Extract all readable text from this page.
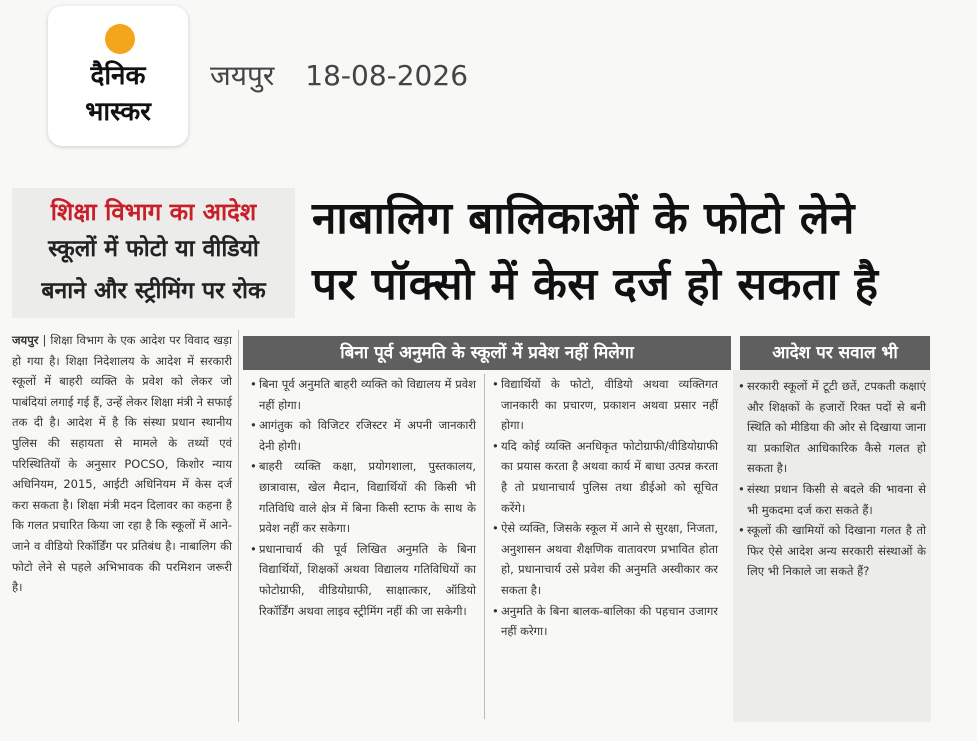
दैनिक
भास्कर
जयपुर 18-08-2026
शिक्षा विभाग का आदेश
स्कूलों में फोटो या वीडियो
बनाने और स्ट्रीमिंग पर रोक
नाबालिग बालिकाओं के फोटो लेने
पर पॉक्सो में केस दर्ज हो सकता है

जयपुर | शिक्षा विभाग के एक आदेश पर विवाद खड़ा हो गया है। शिक्षा निदेशालय के आदेश में सरकारी स्कूलों में बाहरी व्यक्ति के प्रवेश को लेकर जो पाबंदियां लगाई गई हैं, उन्हें लेकर शिक्षा मंत्री ने सफाई तक दी है। आदेश में है कि संस्था प्रधान स्थानीय पुलिस की सहायता से मामले के तथ्यों एवं परिस्थितियों के अनुसार POCSO, किशोर न्याय अधिनियम, 2015, आईटी अधिनियम में केस दर्ज करा सकता है। शिक्षा मंत्री मदन दिलावर का कहना है कि गलत प्रचारित किया जा रहा है कि स्कूलों में आने-जाने व वीडियो रिकॉर्डिंग पर प्रतिबंध है। नाबालिग की फोटो लेने से पहले अभिभावक की परमिशन जरूरी है।

बिना पूर्व अनुमति के स्कूलों में प्रवेश नहीं मिलेगा	आदेश पर सवाल भी
• बिना पूर्व अनुमति बाहरी व्यक्ति को विद्यालय में प्रवेश नहीं होगा।
• आगंतुक को विजिटर रजिस्टर में अपनी जानकारी देनी होगी।
• बाहरी व्यक्ति कक्षा, प्रयोगशाला, पुस्तकालय, छात्रावास, खेल मैदान, विद्यार्थियों की किसी भी गतिविधि वाले क्षेत्र में बिना किसी स्टाफ के साथ के प्रवेश नहीं कर सकेगा।
• प्रधानाचार्य की पूर्व लिखित अनुमति के बिना विद्यार्थियों, शिक्षकों अथवा विद्यालय गतिविधियों का फोटोग्राफी, वीडियोग्राफी, साक्षात्कार, ऑडियो रिकॉर्डिंग अथवा लाइव स्ट्रीमिंग नहीं की जा सकेगी।
• विद्यार्थियों के फोटो, वीडियो अथवा व्यक्तिगत जानकारी का प्रचारण, प्रकाशन अथवा प्रसार नहीं होगा।
• यदि कोई व्यक्ति अनधिकृत फोटोग्राफी/वीडियोग्राफी का प्रयास करता है अथवा कार्य में बाधा उत्पन्न करता है तो प्रधानाचार्य पुलिस तथा डीईओ को सूचित करेंगे।
• ऐसे व्यक्ति, जिसके स्कूल में आने से सुरक्षा, निजता, अनुशासन अथवा शैक्षणिक वातावरण प्रभावित होता हो, प्रधानाचार्य उसे प्रवेश की अनुमति अस्वीकार कर सकता है।
• अनुमति के बिना बालक-बालिका की पहचान उजागर नहीं करेगा।
• सरकारी स्कूलों में टूटी छतें, टपकती कक्षाएं और शिक्षकों के हजारों रिक्त पदों से बनी स्थिति को मीडिया की ओर से दिखाया जाना या प्रकाशित आधिकारिक कैसे गलत हो सकता है।
• संस्था प्रधान किसी से बदले की भावना से भी मुकदमा दर्ज करा सकते हैं।
• स्कूलों की खामियों को दिखाना गलत है तो फिर ऐसे आदेश अन्य सरकारी संस्थाओं के लिए भी निकाले जा सकते हैं?
